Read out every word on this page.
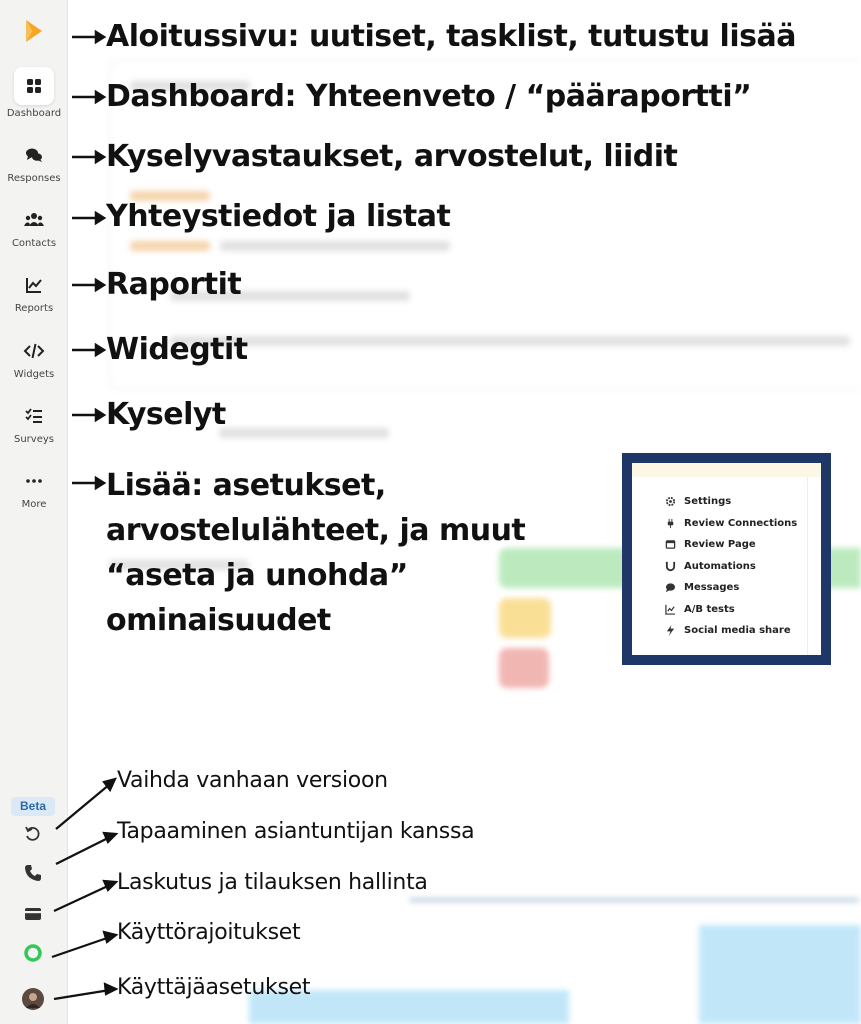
Dashboard
Responses
Contacts
Reports
Widgets
Surveys
More
Beta
Aloitussivu: uutiset, tasklist, tutustu lisää
Dashboard: Yhteenveto / “pääraportti”
Kyselyvastaukset, arvostelut, liidit
Yhteystiedot ja listat
Raportit
Widegtit
Kyselyt
Lisää: asetukset, arvostelulähteet, ja muut “aseta ja unohda” ominaisuudet
Vaihda vanhaan versioon
Tapaaminen asiantuntijan kanssa
Laskutus ja tilauksen hallinta
Käyttörajoitukset
Käyttäjäasetukset
Settings
Review Connections
Review Page
Automations
Messages
A/B tests
Social media share
